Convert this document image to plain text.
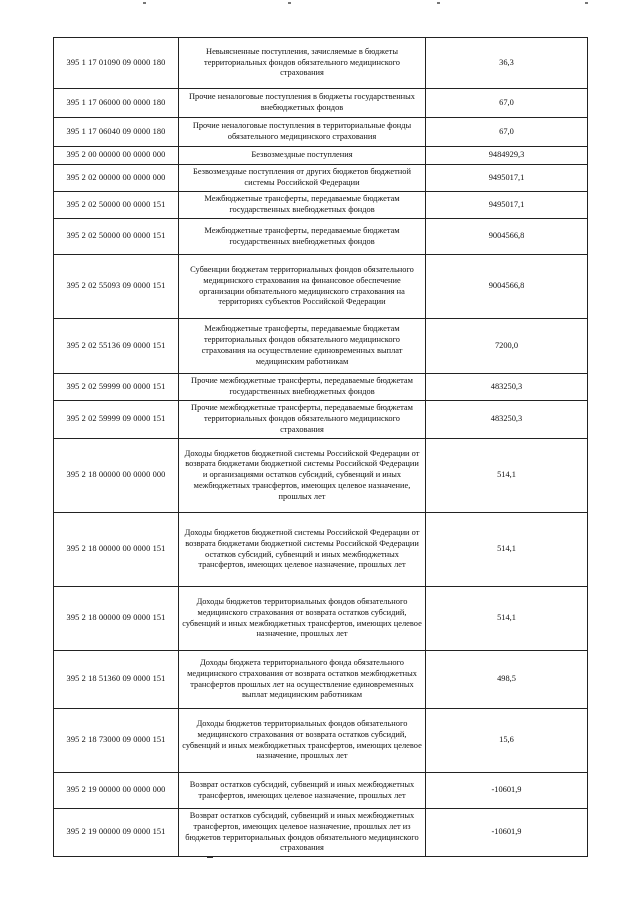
395 1 17 01090 09 0000 180	Невыясненные поступления, зачисляемые в бюджеты территориальных фондов обязательного медицинского страхования	36,3
395 1 17 06000 00 0000 180	Прочие неналоговые поступления в бюджеты государственных внебюджетных фондов	67,0
395 1 17 06040 09 0000 180	Прочие неналоговые поступления в территориальные фонды обязательного медицинского страхования	67,0
395 2 00 00000 00 0000 000	Безвозмездные поступления	9484929,3
395 2 02 00000 00 0000 000	Безвозмездные поступления от других бюджетов бюджетной системы Российской Федерации	9495017,1
395 2 02 50000 00 0000 151	Межбюджетные трансферты, передаваемые бюджетам государственных внебюджетных фондов	9495017,1
395 2 02 50000 00 0000 151	Межбюджетные трансферты, передаваемые бюджетам государственных внебюджетных фондов	9004566,8
395 2 02 55093 09 0000 151	Субвенции бюджетам территориальных фондов обязательного медицинского страхования на финансовое обеспечение организации обязательного медицинского страхования на территориях субъектов Российской Федерации	9004566,8
395 2 02 55136 09 0000 151	Межбюджетные трансферты, передаваемые бюджетам территориальных фондов обязательного медицинского страхования на осуществление единовременных выплат медицинским работникам	7200,0
395 2 02 59999 00 0000 151	Прочие межбюджетные трансферты, передаваемые бюджетам государственных внебюджетных фондов	483250,3
395 2 02 59999 09 0000 151	Прочие межбюджетные трансферты, передаваемые бюджетам территориальных фондов обязательного медицинского страхования	483250,3
395 2 18 00000 00 0000 000	Доходы бюджетов бюджетной системы Российской Федерации от возврата бюджетами бюджетной системы Российской Федерации и организациями остатков субсидий, субвенций и иных межбюджетных трансфертов, имеющих целевое назначение, прошлых лет	514,1
395 2 18 00000 00 0000 151	Доходы бюджетов бюджетной системы Российской Федерации от возврата бюджетами бюджетной системы Российской Федерации остатков субсидий, субвенций и иных межбюджетных трансфертов, имеющих целевое назначение, прошлых лет	514,1
395 2 18 00000 09 0000 151	Доходы бюджетов территориальных фондов обязательного медицинского страхования от возврата остатков субсидий, субвенций и иных межбюджетных трансфертов, имеющих целевое назначение, прошлых лет	514,1
395 2 18 51360 09 0000 151	Доходы бюджета территориального фонда обязательного медицинского страхования от возврата остатков межбюджетных трансфертов прошлых лет на осуществление единовременных выплат медицинским работникам	498,5
395 2 18 73000 09 0000 151	Доходы бюджетов территориальных фондов обязательного медицинского страхования от возврата остатков субсидий, субвенций и иных межбюджетных трансфертов, имеющих целевое назначение, прошлых лет	15,6
395 2 19 00000 00 0000 000	Возврат остатков субсидий, субвенций и иных межбюджетных трансфертов, имеющих целевое назначение, прошлых лет	-10601,9
395 2 19 00000 09 0000 151	Возврат остатков субсидий, субвенций и иных межбюджетных трансфертов, имеющих целевое назначение, прошлых лет из бюджетов территориальных фондов обязательного медицинского страхования	-10601,9
